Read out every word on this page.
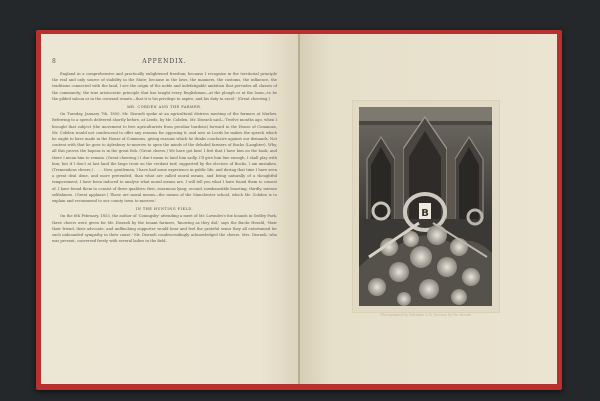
8	APPENDIX.

England in a comprehensive and practically enlightened freedom; because I recognise in the territorial principle the real and only source of stability in the State; because in the laws, the manners, the customs, the influence, the traditions connected with the land, I see the origin of the noble and indefatigable ambition that pervades all classes of the community; the true aristocratic principle that has taught every Englishman—at the plough or at the loom—to be the gilded saloon or in the crowned senate—that it is his privilege to aspire, and his duty to excel.' (Great cheering.)

MR. COBDEN AND THE FARMER.

On Tuesday, January 7th, 1850, Mr. Disraeli spoke at an agricultural distress meeting of the farmers at Marlow. Referring to a speech delivered shortly before, at Leeds, by Mr. Cobden, Mr. Disraeli said—'Twelve months ago, when I brought that subject (the movement to free agriculturists from peculiar burdens) forward in the House of Commons, Mr. Cobden would not condescend to offer any reasons for opposing it, and now at Leeds he makes the speech which he ought to have made in the House of Commons, giving reasons which he thinks conclusive against our demands. Not content with that he goes to Aylesbury to-morrow to open the minds of the deluded farmers of Bucks (Laughter). Why, all this proves the hopeas is in the great fish. (Great cheers.) We have got him! I feel that I have him on the hook, and there I mean him to remain. (Great cheering.) I don't mean to land him sadly. I'll give him line enough, I shall play with him; but if I don't at last land the large trout on the verdant turf, supported by the electors of Bucks, I am mistaken. (Tremendous cheers.) . . . . Now, gentlemen, I have had some experience in public life, and during that time I have seen a great deal done, and more pretended, than what are called moral means, and being naturally of a thoughtful temperament, I have been induced to analyse what moral means are. I will tell you what I have found them to consist of. I have found them to consist of three qualities: first, enormous lying; second, inexhaustible boasting; thirdly, intense selfishness. (Great applause.) These are moral means—the means of the Manchester school, which Mr. Cobden is to explain and recommend to our county town to-morrow.'

IN THE HUNTING FIELD.

On the 6th February, 1853, the author of 'Coningsby' attending a meet of Mr. Lowndes's fox hounds in Sedley Park, three cheers were given for Mr. Disraeli by the tenant farmers, 'knowing as they did,' says the Bucks Herald, 'their their friend, their advocate, and unflinching supporter would hear and feel the grateful sense they all entertained for such unbounded sympathy in their cause.' Mr. Disraeli condescendingly acknowledged the cheers. Mrs. Disraeli, who was present, conversed freely with several ladies in the field.

B
Photographed by Valentine & W. Downey for the Herald.
